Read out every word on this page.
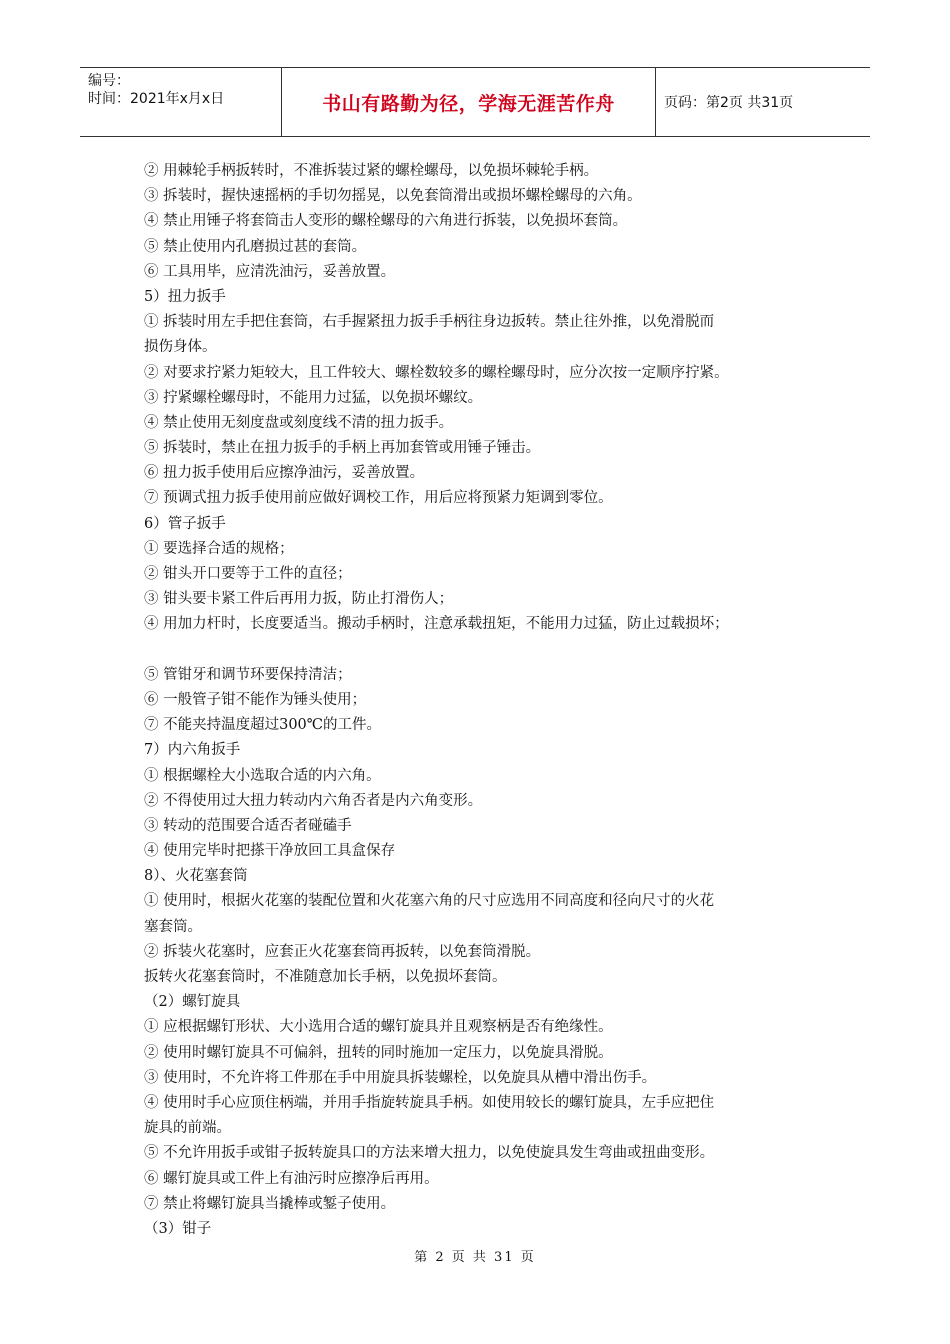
编号：
时间：2021年x月x日	书山有路勤为径，学海无涯苦作舟	页码：第2页 共31页
② 用棘轮手柄扳转时，不准拆装过紧的螺栓螺母，以免损坏棘轮手柄。
③ 拆装时，握快速摇柄的手切勿摇晃，以免套筒滑出或损坏螺栓螺母的六角。
④ 禁止用锤子将套筒击人变形的螺栓螺母的六角进行拆装，以免损坏套筒。
⑤ 禁止使用内孔磨损过甚的套筒。
⑥ 工具用毕，应清洗油污，妥善放置。
5）扭力扳手
① 拆装时用左手把住套筒，右手握紧扭力扳手手柄往身边扳转。禁止往外推，以免滑脱而
损伤身体。
② 对要求拧紧力矩较大，且工件较大、螺栓数较多的螺栓螺母时，应分次按一定顺序拧紧。
③ 拧紧螺栓螺母时，不能用力过猛，以免损坏螺纹。
④ 禁止使用无刻度盘或刻度线不清的扭力扳手。
⑤ 拆装时，禁止在扭力扳手的手柄上再加套管或用锤子锤击。
⑥ 扭力扳手使用后应擦净油污，妥善放置。
⑦ 预调式扭力扳手使用前应做好调校工作，用后应将预紧力矩调到零位。
6）管子扳手
① 要选择合适的规格；
② 钳头开口要等于工件的直径；
③ 钳头要卡紧工件后再用力扳，防止打滑伤人；
④ 用加力杆时，长度要适当。搬动手柄时，注意承载扭矩，不能用力过猛，防止过载损坏；
⑤ 管钳牙和调节环要保持清洁；
⑥ 一般管子钳不能作为锤头使用；
⑦ 不能夹持温度超过300℃的工件。
7）内六角扳手
① 根据螺栓大小选取合适的内六角。
② 不得使用过大扭力转动内六角否者是内六角变形。
③ 转动的范围要合适否者碰磕手
④ 使用完毕时把搽干净放回工具盒保存
8）、火花塞套筒
① 使用时，根据火花塞的装配位置和火花塞六角的尺寸应选用不同高度和径向尺寸的火花
塞套筒。
② 拆装火花塞时，应套正火花塞套筒再扳转，以免套筒滑脱。
扳转火花塞套筒时，不准随意加长手柄，以免损坏套筒。
（2）螺钉旋具
① 应根据螺钉形状、大小选用合适的螺钉旋具并且观察柄是否有绝缘性。
② 使用时螺钉旋具不可偏斜，扭转的同时施加一定压力，以免旋具滑脱。
③ 使用时，不允许将工件那在手中用旋具拆装螺栓，以免旋具从槽中滑出伤手。
④ 使用时手心应顶住柄端，并用手指旋转旋具手柄。如使用较长的螺钉旋具，左手应把住
旋具的前端。
⑤ 不允许用扳手或钳子扳转旋具口的方法来增大扭力，以免使旋具发生弯曲或扭曲变形。
⑥ 螺钉旋具或工件上有油污时应擦净后再用。
⑦ 禁止将螺钉旋具当撬棒或錾子使用。
（3）钳子
第 2 页 共 31 页
